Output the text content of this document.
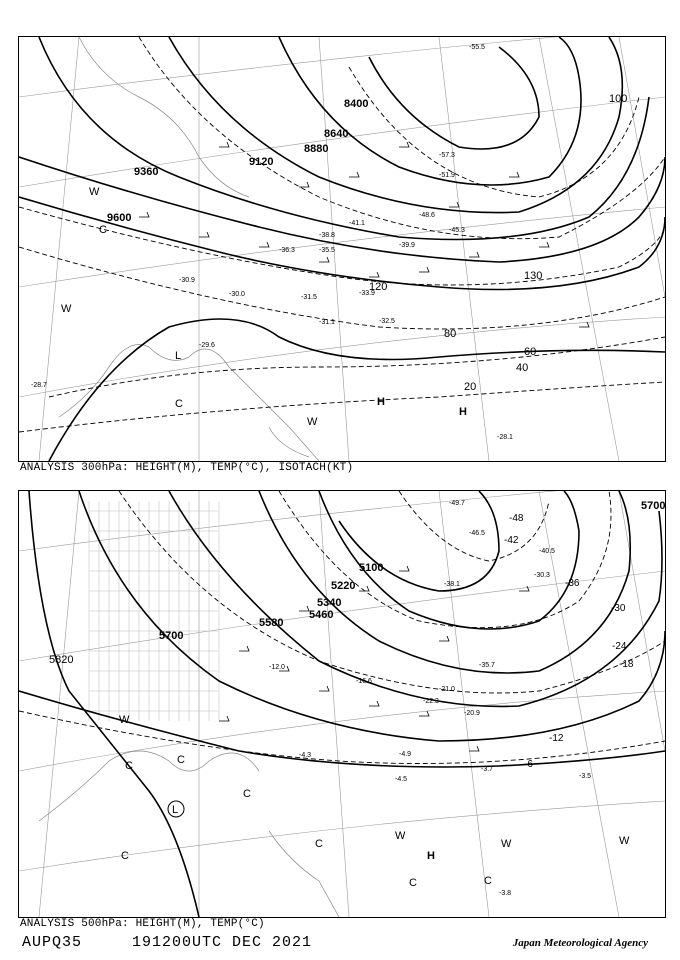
8400
8640
8880
9120
9360
9600
20
40
60
80
100
120
130
-55.5
-57.3
-51.9
-48.6
-45.3
-41.1
-39.9
-38.8
-36.3	-35.5
-33.9
-31.5
-31.1
-30.9
-30.0
-29.6
-28.7
-28.1
-32.5
W
C
L
C
W
H
H
W
ANALYSIS 300hPa: HEIGHT(M), TEMP(°C), ISOTACH(KT)
5100
5220
5340
5460
5580
5700
5820
5700
-48
-42
-36
-30
-24
-18
-12
-6
-49.7
-46.5
-40.5
-38.1
-35.7
-30.3
-22.3
-21.0
-20.9
-16.6
-12.0
-4.9
-4.5
-3.7
-3.5
-4.3
-3.8
W
C	C
L
C
C
C
W
H
W	W
C	C
ANALYSIS 500hPa: HEIGHT(M), TEMP(°C)
AUPQ35	191200UTC DEC 2021	Japan Meteorological Agency
